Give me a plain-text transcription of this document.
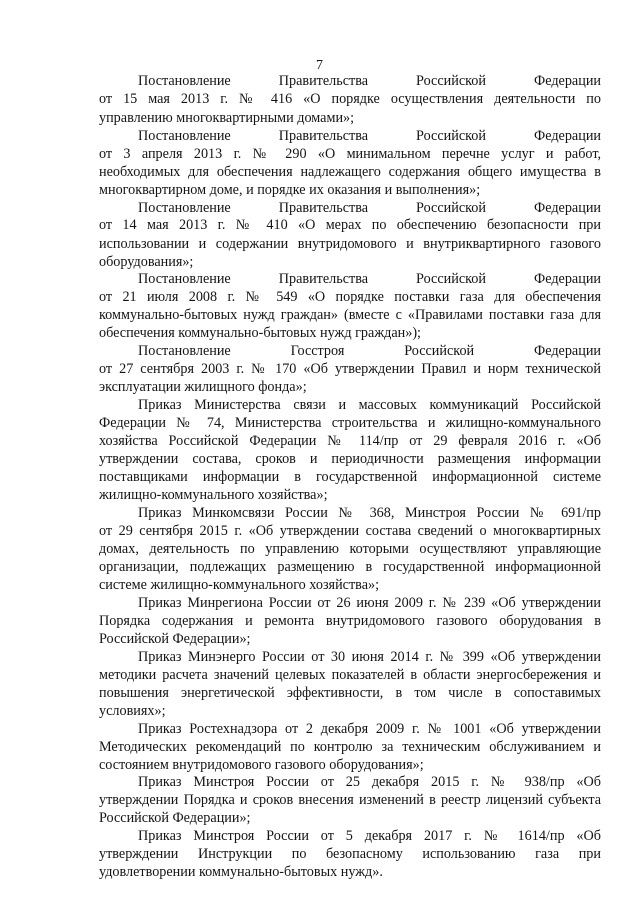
7
Постановление Правительства Российской Федерации
от 15 мая 2013 г. № 416 «О порядке осуществления деятельности по
управлению многоквартирными домами»;
Постановление Правительства Российской Федерации
от 3 апреля 2013 г. № 290 «О минимальном перечне услуг и работ,
необходимых для обеспечения надлежащего содержания общего имущества в
многоквартирном доме, и порядке их оказания и выполнения»;
Постановление Правительства Российской Федерации
от 14 мая 2013 г. № 410 «О мерах по обеспечению безопасности при
использовании и содержании внутридомового и внутриквартирного газового
оборудования»;
Постановление Правительства Российской Федерации
от 21 июля 2008 г. № 549 «О порядке поставки газа для обеспечения
коммунально-бытовых нужд граждан» (вместе с «Правилами поставки газа для
обеспечения коммунально-бытовых нужд граждан»);
Постановление Госстроя Российской Федерации
от 27 сентября 2003 г. № 170 «Об утверждении Правил и норм технической
эксплуатации жилищного фонда»;
Приказ Министерства связи и массовых коммуникаций Российской
Федерации № 74, Министерства строительства и жилищно-коммунального
хозяйства Российской Федерации № 114/пр от 29 февраля 2016 г. «Об
утверждении состава, сроков и периодичности размещения информации
поставщиками информации в государственной информационной системе
жилищно-коммунального хозяйства»;
Приказ Минкомсвязи России № 368, Минстроя России № 691/пр
от 29 сентября 2015 г. «Об утверждении состава сведений о многоквартирных
домах, деятельность по управлению которыми осуществляют управляющие
организации, подлежащих размещению в государственной информационной
системе жилищно-коммунального хозяйства»;
Приказ Минрегиона России от 26 июня 2009 г. № 239 «Об утверждении
Порядка содержания и ремонта внутридомового газового оборудования в
Российской Федерации»;
Приказ Минэнерго России от 30 июня 2014 г. № 399 «Об утверждении
методики расчета значений целевых показателей в области энергосбережения и
повышения энергетической эффективности, в том числе в сопоставимых
условиях»;
Приказ Ростехнадзора от 2 декабря 2009 г. № 1001 «Об утверждении
Методических рекомендаций по контролю за техническим обслуживанием и
состоянием внутридомового газового оборудования»;
Приказ Минстроя России от 25 декабря 2015 г. № 938/пр «Об
утверждении Порядка и сроков внесения изменений в реестр лицензий субъекта
Российской Федерации»;
Приказ Минстроя России от 5 декабря 2017 г. № 1614/пр «Об
утверждении Инструкции по безопасному использованию газа при
удовлетворении коммунально-бытовых нужд».
